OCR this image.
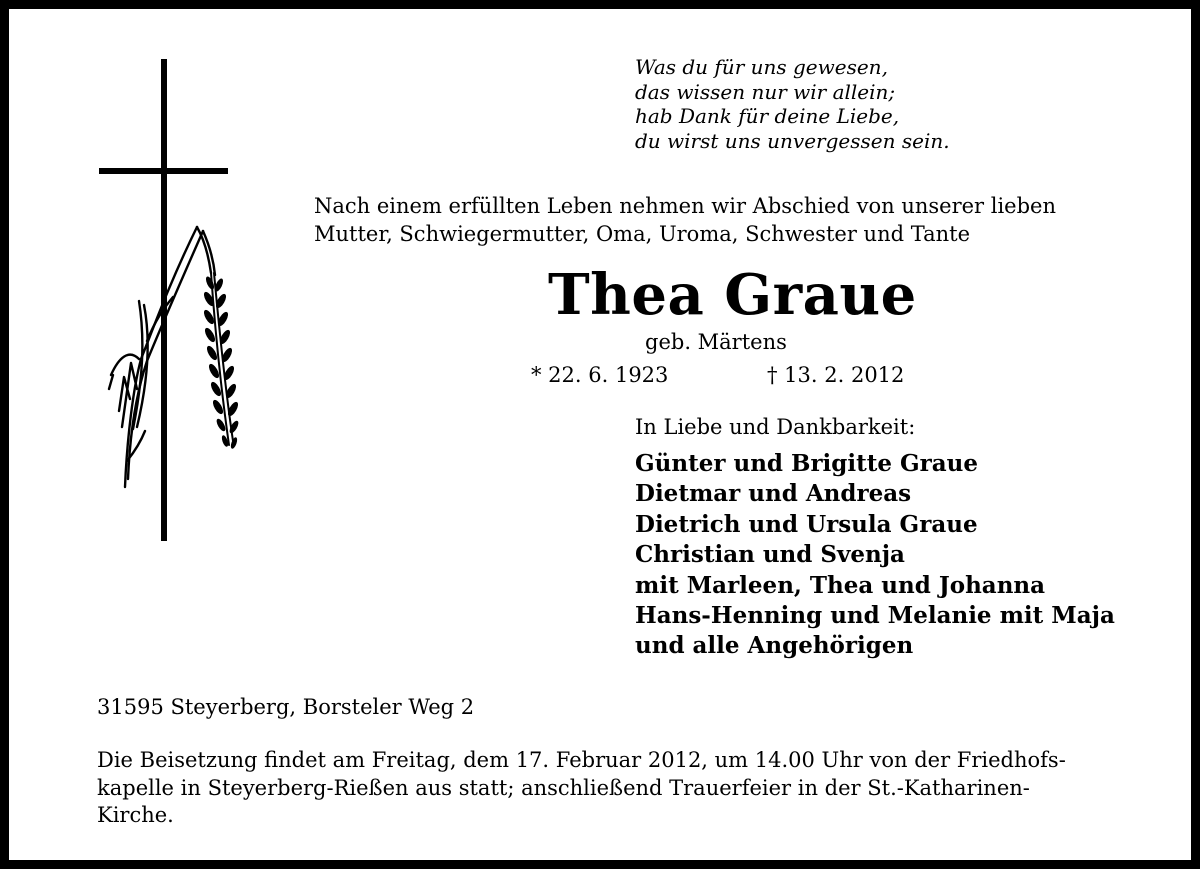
Was du für uns gewesen,
das wissen nur wir allein;
hab Dank für deine Liebe,
du wirst uns unvergessen sein.
Nach einem erfüllten Leben nehmen wir Abschied von unserer lieben
Mutter, Schwiegermutter, Oma, Uroma, Schwester und Tante
Thea Graue
geb. Märtens
* 22. 6. 1923	† 13. 2. 2012
In Liebe und Dankbarkeit:
Günter und Brigitte Graue
Dietmar und Andreas
Dietrich und Ursula Graue
Christian und Svenja
mit Marleen, Thea und Johanna
Hans-Henning und Melanie mit Maja
und alle Angehörigen
31595 Steyerberg, Borsteler Weg 2
Die Beisetzung findet am Freitag, dem 17. Februar 2012, um 14.00 Uhr von der Friedhofs-
kapelle in Steyerberg-Rießen aus statt; anschließend Trauerfeier in der St.-Katharinen-
Kirche.
